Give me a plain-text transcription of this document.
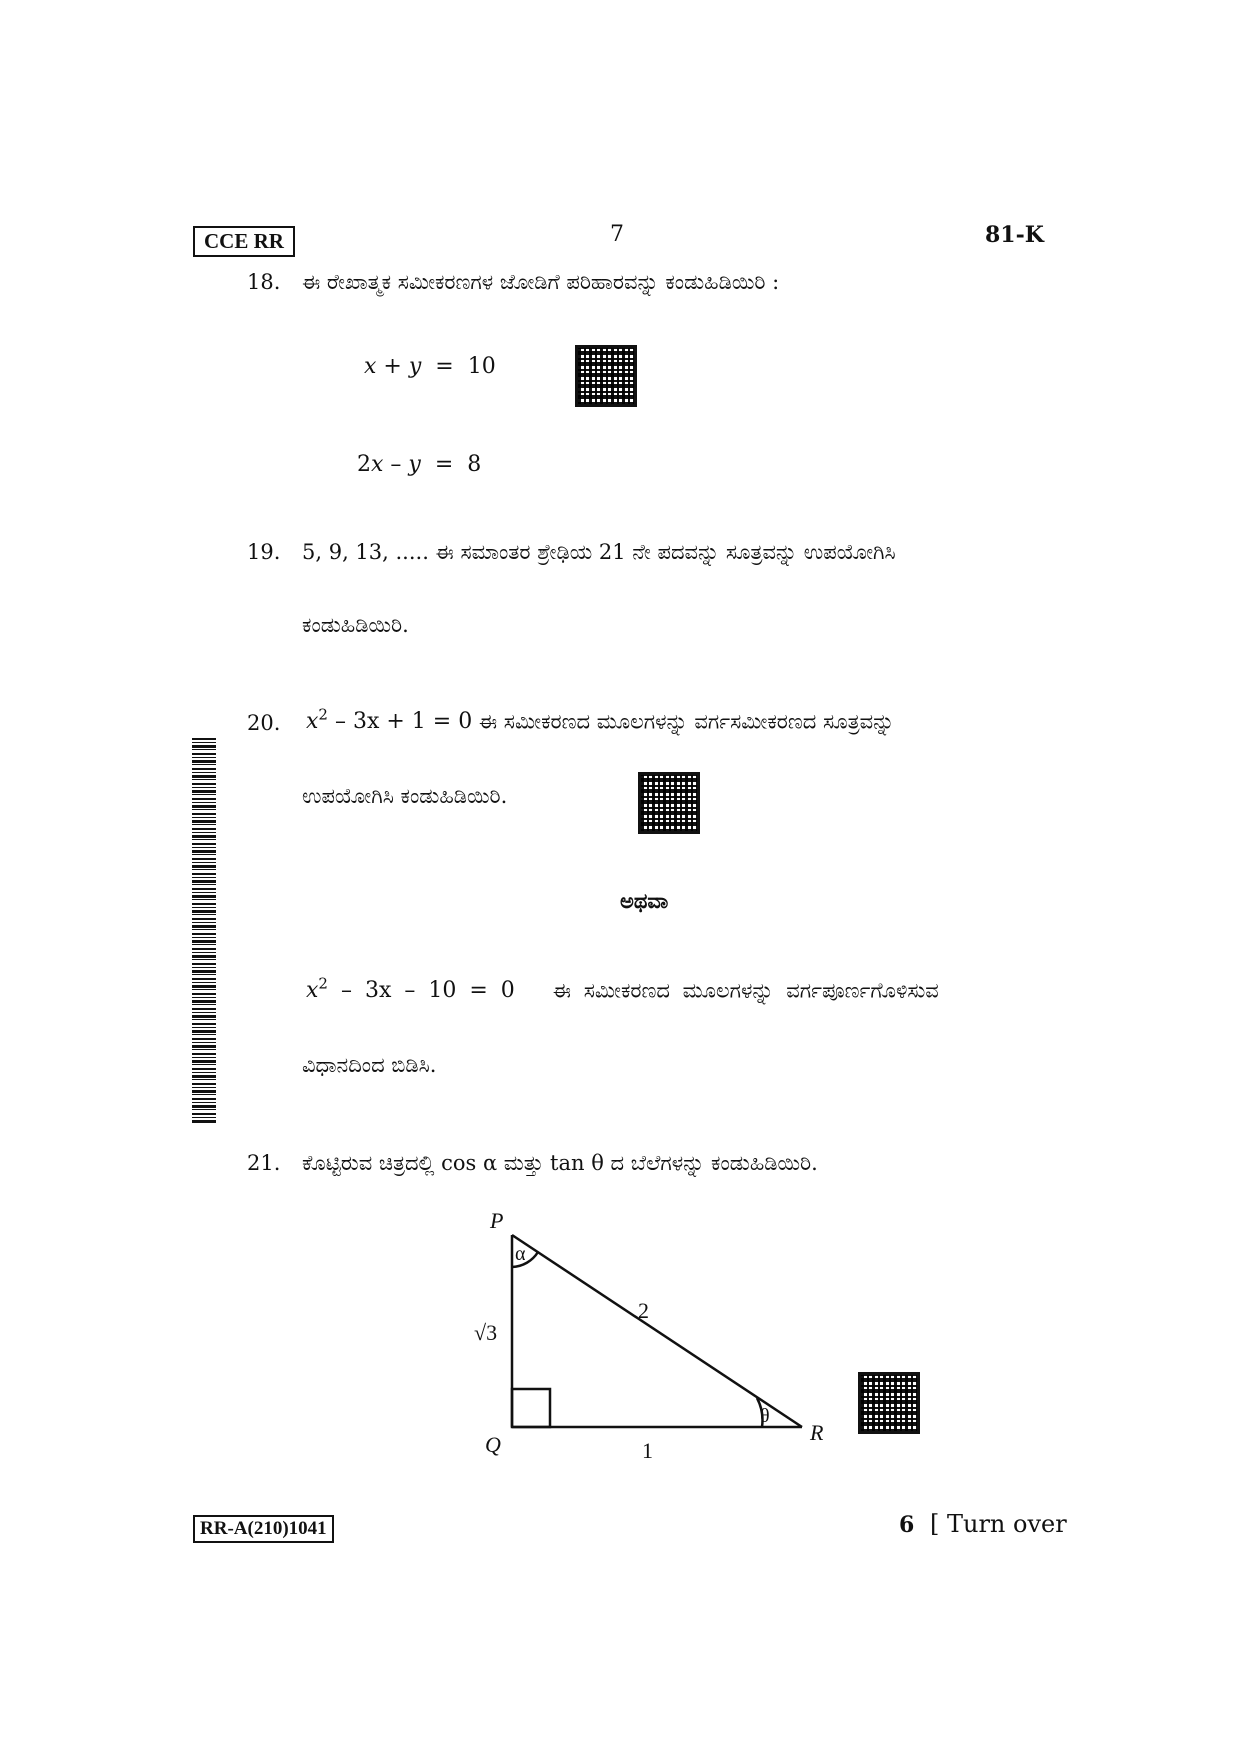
CCE RR	7	81-K
18. ಈ ರೇಖಾತ್ಮಕ ಸಮೀಕರಣಗಳ ಜೋಡಿಗೆ ಪರಿಹಾರವನ್ನು ಕಂಡುಹಿಡಿಯಿರಿ :
x + y = 10
2x – y = 8
19. 5, 9, 13, ..... ಈ ಸಮಾಂತರ ಶ್ರೇಢಿಯ 21 ನೇ ಪದವನ್ನು ಸೂತ್ರವನ್ನು ಉಪಯೋಗಿಸಿ
ಕಂಡುಹಿಡಿಯಿರಿ.
20. $x^2 - 3x + 1 = 0$ ಈ ಸಮೀಕರಣದ ಮೂಲಗಳನ್ನು ವರ್ಗಸಮೀಕರಣದ ಸೂತ್ರವನ್ನು
ಉಪಯೋಗಿಸಿ ಕಂಡುಹಿಡಿಯಿರಿ.
ಅಥವಾ
$x^2 - 3x - 10 = 0$ ಈ ಸಮೀಕರಣದ ಮೂಲಗಳನ್ನು ವರ್ಗಪೂರ್ಣಗೊಳಿಸುವ
ವಿಧಾನದಿಂದ ಬಿಡಿಸಿ.
21. ಕೊಟ್ಟಿರುವ ಚಿತ್ರದಲ್ಲಿ cos α ಮತ್ತು tan θ ದ ಬೆಲೆಗಳನ್ನು ಕಂಡುಹಿಡಿಯಿರಿ.
P
Q	R
√3
2
1
α
θ
RR-A(210)1041	6 [ Turn over
